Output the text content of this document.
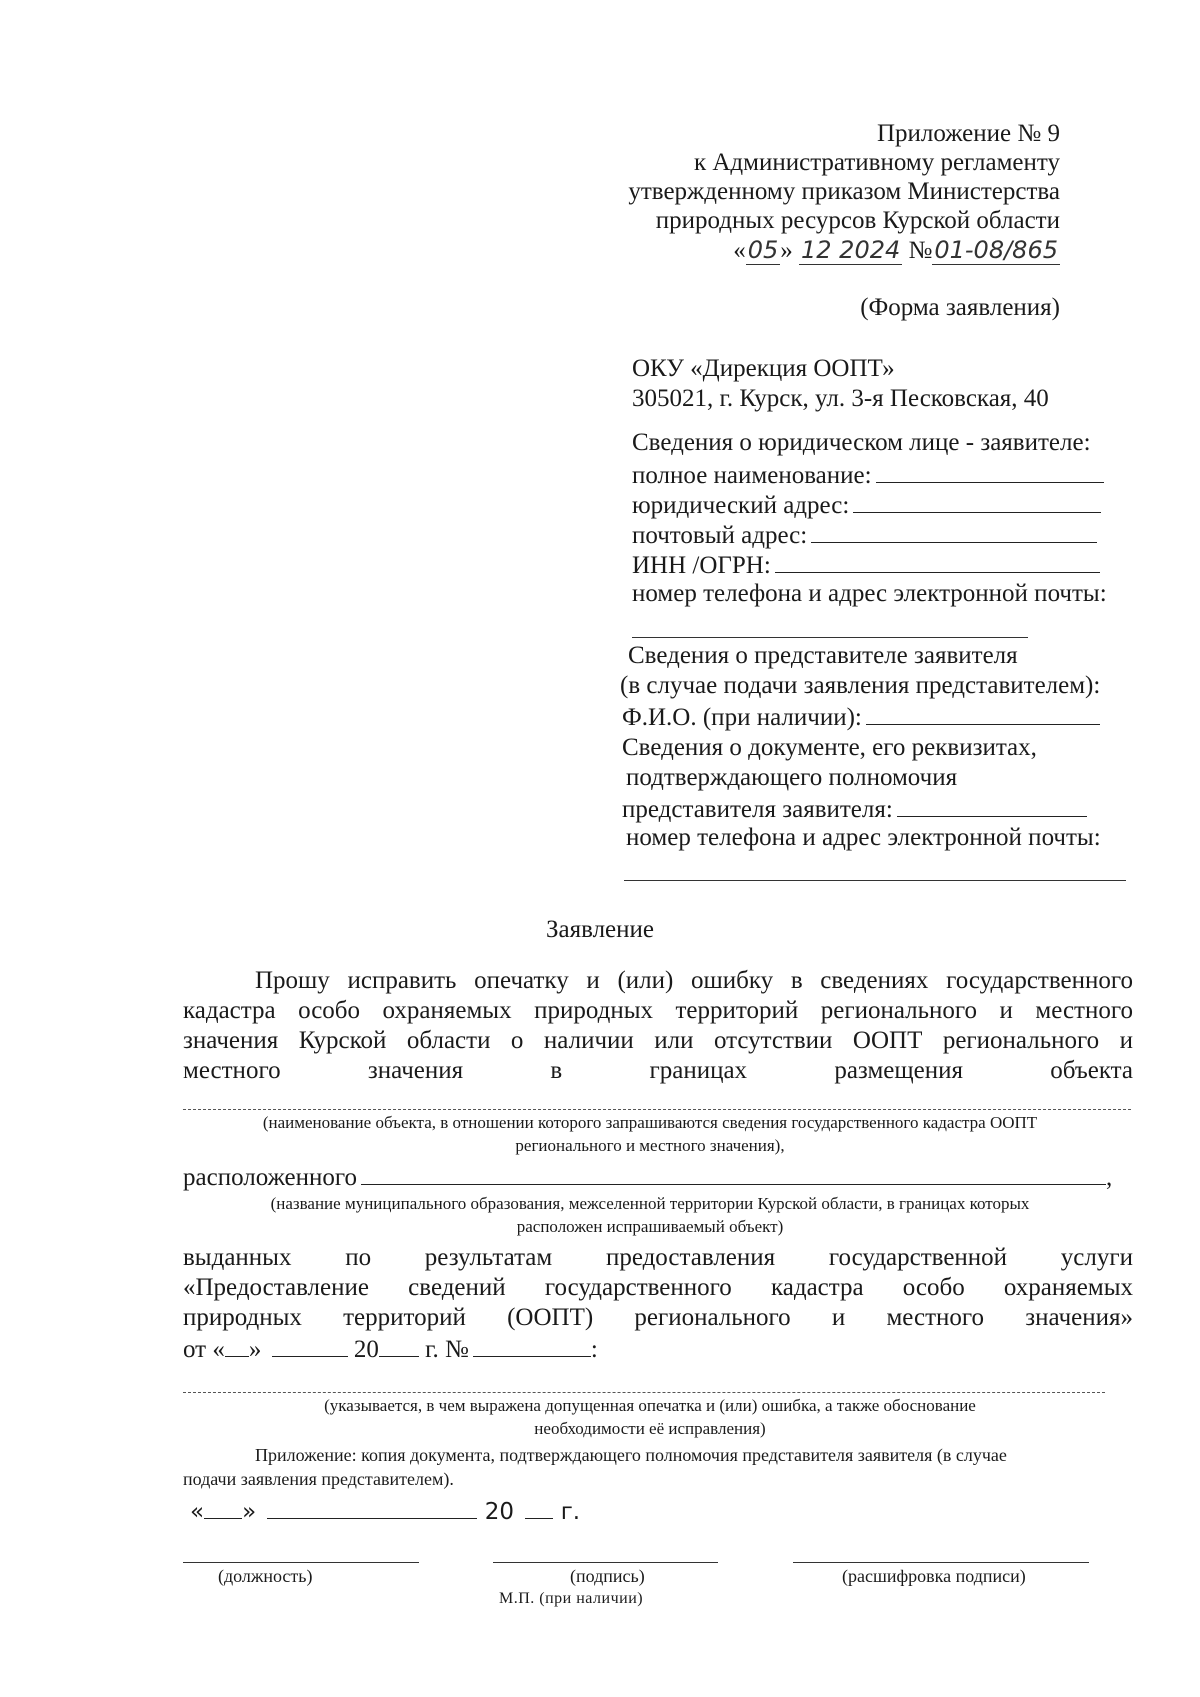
Приложение № 9
к Административному регламенту
утвержденному приказом Министерства
природных ресурсов Курской области
«05» 12 2024 №01-08/865
(Форма заявления)
ОКУ «Дирекция ООПТ»
305021, г. Курск, ул. 3-я Песковская, 40
Сведения о юридическом лице - заявителе:
полное наименование:
юридический адрес:
почтовый адрес:
ИНН /ОГРН:
номер телефона и адрес электронной почты:
Сведения о представителе заявителя
(в случае подачи заявления представителем):
Ф.И.О. (при наличии):
Сведения о документе, его реквизитах,
подтверждающего полномочия
представителя заявителя:
номер телефона и адрес электронной почты:
Заявление
Прошу исправить опечатку и (или) ошибку в сведениях государственного
кадастра особо охраняемых природных территорий регионального и местного
значения Курской области о наличии или отсутствии ООПТ регионального и
местного значения в границах размещения объекта
(наименование объекта, в отношении которого запрашиваются сведения государственного кадастра ООПТ
регионального и местного значения),
расположенного	,
(название муниципального образования, межселенной территории Курской области, в границах которых
расположен испрашиваемый объект)
выданных по результатам предоставления государственной услуги
«Предоставление сведений государственного кадастра особо охраняемых
природных территорий (ООПТ) регионального и местного значения»
от « »	20 г. №	:
(указывается, в чем выражена допущенная опечатка и (или) ошибка, а также обоснование
необходимости её исправления)
Приложение: копия документа, подтверждающего полномочия представителя заявителя (в случае
подачи заявления представителем).
« »	20 г.
(должность)	(подпись)	(расшифровка подписи)
М.П. (при наличии)
